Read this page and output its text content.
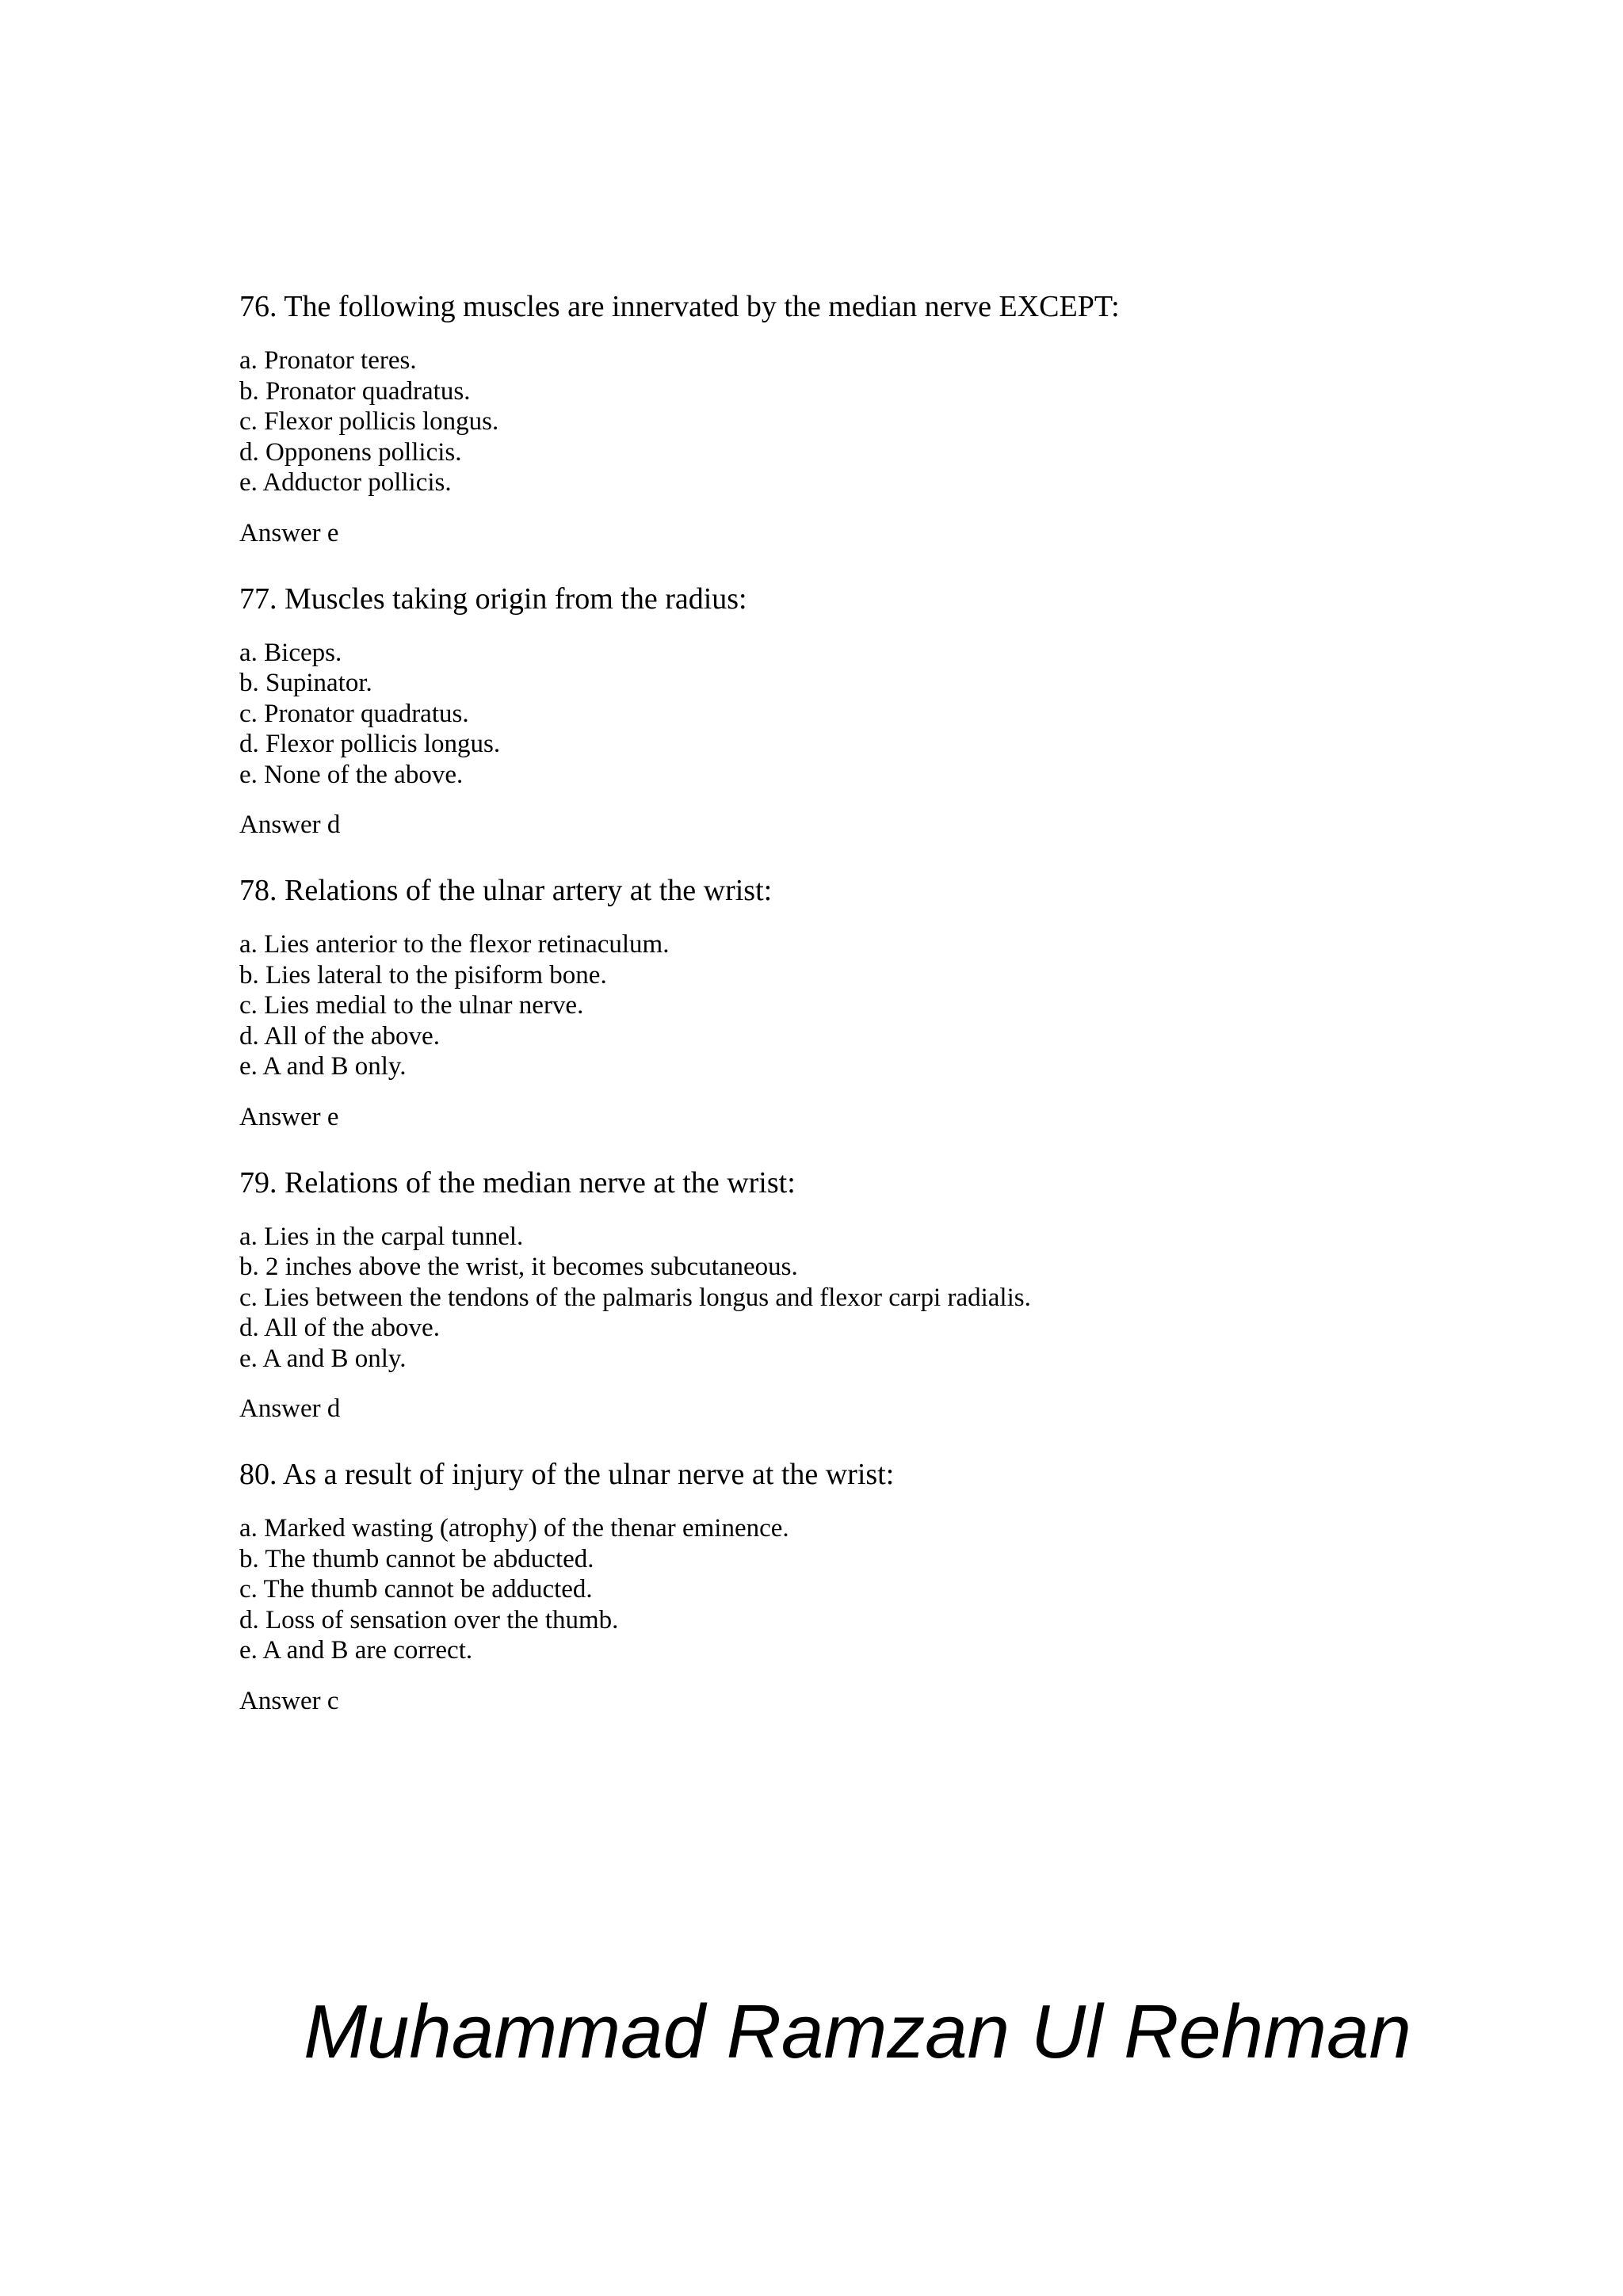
76. The following muscles are innervated by the median nerve EXCEPT:

a. Pronator teres.
b. Pronator quadratus.
c. Flexor pollicis longus.
d. Opponens pollicis.
e. Adductor pollicis.

Answer e

77. Muscles taking origin from the radius:

a. Biceps.
b. Supinator.
c. Pronator quadratus.
d. Flexor pollicis longus.
e. None of the above.

Answer d

78. Relations of the ulnar artery at the wrist:

a. Lies anterior to the flexor retinaculum.
b. Lies lateral to the pisiform bone.
c. Lies medial to the ulnar nerve.
d. All of the above.
e. A and B only.

Answer e

79. Relations of the median nerve at the wrist:

a. Lies in the carpal tunnel.
b. 2 inches above the wrist, it becomes subcutaneous.
c. Lies between the tendons of the palmaris longus and flexor carpi radialis.
d. All of the above.
e. A and B only.

Answer d

80. As a result of injury of the ulnar nerve at the wrist:

a. Marked wasting (atrophy) of the thenar eminence.
b. The thumb cannot be abducted.
c. The thumb cannot be adducted.
d. Loss of sensation over the thumb.
e. A and B are correct.

Answer c

Muhammad Ramzan Ul Rehman
